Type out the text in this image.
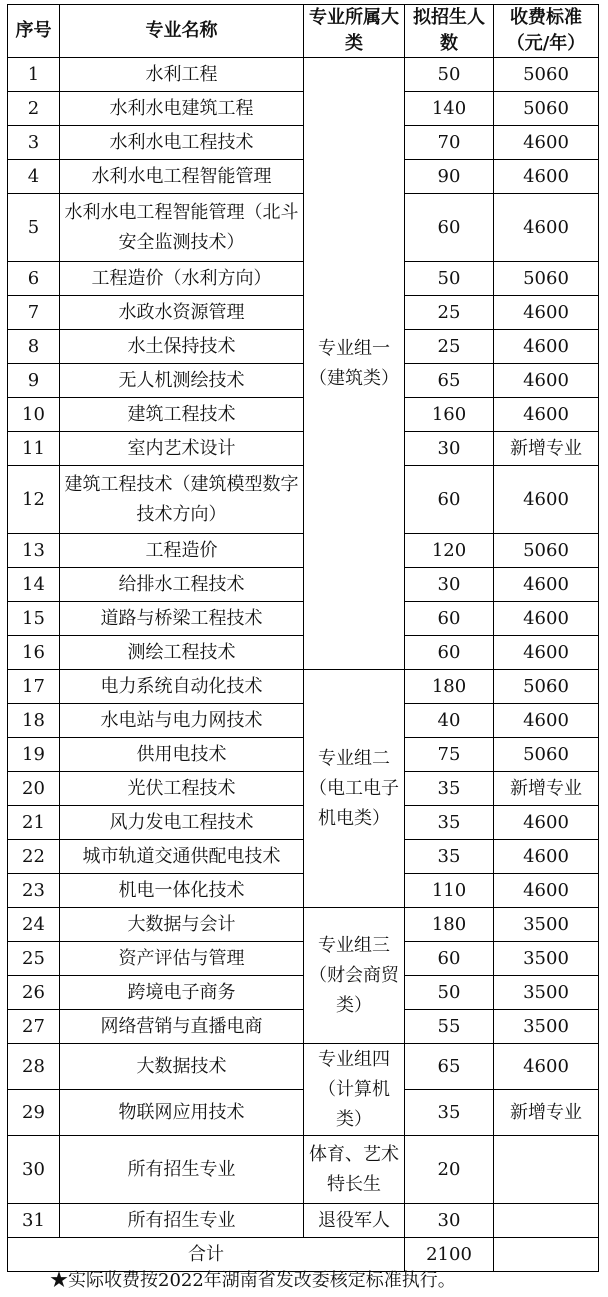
序号	专业名称	专业所属大类	拟招生人数	收费标准（元/年）
1	水利工程	专业组一（建筑类）	50	5060
2	水利水电建筑工程		140	5060
3	水利水电工程技术		70	4600
4	水利水电工程智能管理		90	4600
5	水利水电工程智能管理（北斗安全监测技术）		60	4600
6	工程造价（水利方向）		50	5060
7	水政水资源管理		25	4600
8	水土保持技术		25	4600
9	无人机测绘技术		65	4600
10	建筑工程技术		160	4600
11	室内艺术设计		30	新增专业
12	建筑工程技术（建筑模型数字技术方向）		60	4600
13	工程造价		120	5060
14	给排水工程技术		30	4600
15	道路与桥梁工程技术		60	4600
16	测绘工程技术		60	4600
17	电力系统自动化技术	专业组二（电工电子机电类）	180	5060
18	水电站与电力网技术		40	4600
19	供用电技术		75	5060
20	光伏工程技术		35	新增专业
21	风力发电工程技术		35	4600
22	城市轨道交通供配电技术		35	4600
23	机电一体化技术		110	4600
24	大数据与会计	专业组三（财会商贸类）	180	3500
25	资产评估与管理		60	3500
26	跨境电子商务		50	3500
27	网络营销与直播电商		55	3500
28	大数据技术	专业组四（计算机类）	65	4600
29	物联网应用技术		35	新增专业
30	所有招生专业	体育、艺术特长生	20	
31	所有招生专业	退役军人	30	
合计			2100	
★实际收费按2022年湖南省发改委核定标准执行。
